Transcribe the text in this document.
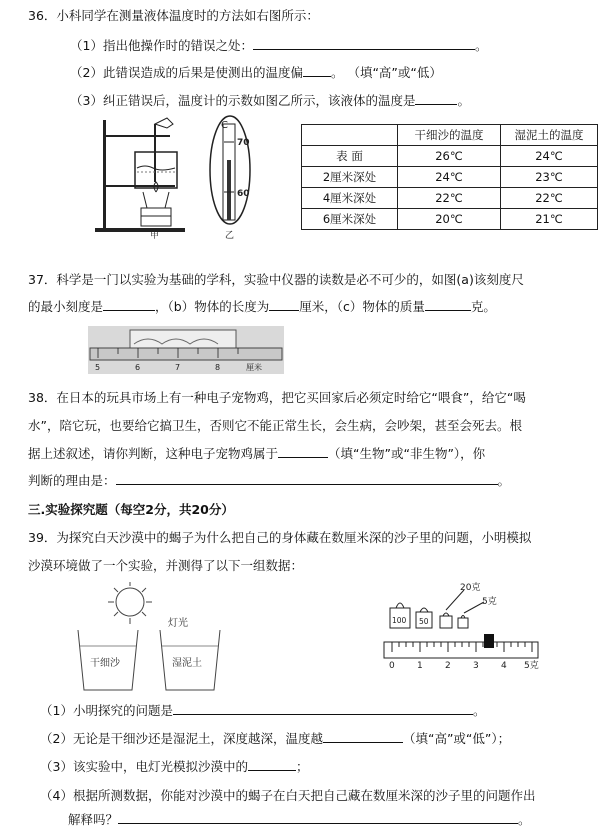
36．小科同学在测量液体温度时的方法如右图所示：
（1）指出他操作时的错误之处：	。
（2）此错误造成的后果是使测出的温度偏 。 （填“高”或“低）
（3）纠正错误后，温度计的示数如图乙所示，该液体的温度是	。
甲
70
60
C
乙
	干细沙的温度	湿泥土的温度
表 面	26℃	24℃
2厘米深处	24℃	23℃
4厘米深处	22℃	22℃
6厘米深处	20℃	21℃
37．科学是一门以实验为基础的学科，实验中仪器的读数是必不可少的，如图(a)该刻度尺
的最小刻度是	，（b）物体的长度为 厘米，（c）物体的质量	克。
5	6	7	8	厘米
38．在日本的玩具市场上有一种电子宠物鸡，把它买回家后必须定时给它“喂食”，给它“喝
水”，陪它玩，也要给它搞卫生，否则它不能正常生长，会生病，会吵架，甚至会死去。根
据上述叙述，请你判断，这种电子宠物鸡属于	（填“生物”或“非生物”），你
判断的理由是：	。
三.实验探究题（每空2分，共20分）
39．为探究白天沙漠中的蝎子为什么把自己的身体藏在数厘米深的沙子里的问题，小明模拟
沙漠环境做了一个实验，并测得了以下一组数据：
灯光
干细沙	湿泥土
100 50
20克
5克
0 1 2 3 4 5克
（1）小明探究的问题是	。
（2）无论是干细沙还是湿泥土，深度越深，温度越	（填“高”或“低”）；
（3）该实验中，电灯光模拟沙漠中的	；
（4）根据所测数据，你能对沙漠中的蝎子在白天把自己藏在数厘米深的沙子里的问题作出
解释吗？	。
